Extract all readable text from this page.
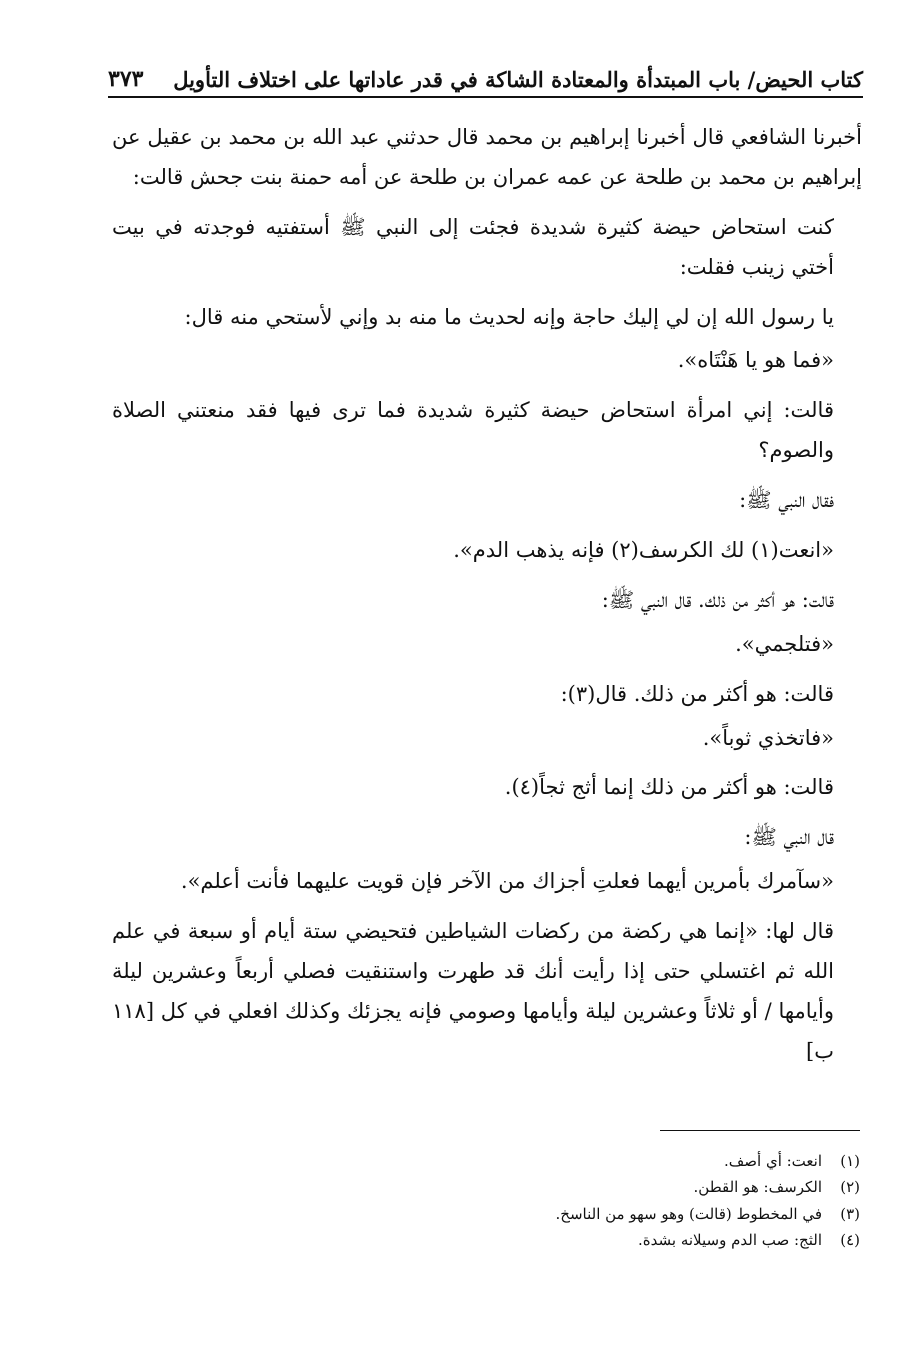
كتاب الحيض/ باب المبتدأة والمعتادة الشاكة في قدر عاداتها على اختلاف التأويل
٣٧٣

أخبرنا الشافعي قال أخبرنا إبراهيم بن محمد قال حدثني عبد الله بن محمد بن عقيل عن إبراهيم بن محمد بن طلحة عن عمه عمران بن طلحة عن أمه حمنة بنت جحش قالت:

كنت استحاض حيضة كثيرة شديدة فجئت إلى النبي ﷺ أستفتيه فوجدته في بيت أختي زينب فقلت:

يا رسول الله إن لي إليك حاجة وإنه لحديث ما منه بد وإني لأستحي منه قال:

«فما هو يا هَنْتَاه».

قالت: إني امرأة استحاض حيضة كثيرة شديدة فما ترى فيها فقد منعتني الصلاة والصوم؟

فقال النبي ﷺ:

«انعت(١) لك الكرسف(٢) فإنه يذهب الدم».

قالت: هو أكثر من ذلك. قال النبي ﷺ:

«فتلجمي».

قالت: هو أكثر من ذلك. قال(٣):

«فاتخذي ثوباً».

قالت: هو أكثر من ذلك إنما أثج ثجاً(٤).

قال النبي ﷺ:

«سآمرك بأمرين أيهما فعلتِ أجزاك من الآخر فإن قويت عليهما فأنت أعلم».

قال لها: «إنما هي ركضة من ركضات الشياطين فتحيضي ستة أيام أو سبعة في علم الله ثم اغتسلي حتى إذا رأيت أنك قد طهرت واستنقيت فصلي أربعاً وعشرين ليلة وأيامها / أو ثلاثاً وعشرين ليلة وأيامها وصومي فإنه يجزئك وكذلك افعلي في كل [١١٨ ب]

(١)
انعت: أي أصف.
(٢)
الكرسف: هو القطن.
(٣)
في المخطوط (قالت) وهو سهو من الناسخ.
(٤)
الثج: صب الدم وسيلانه بشدة.
